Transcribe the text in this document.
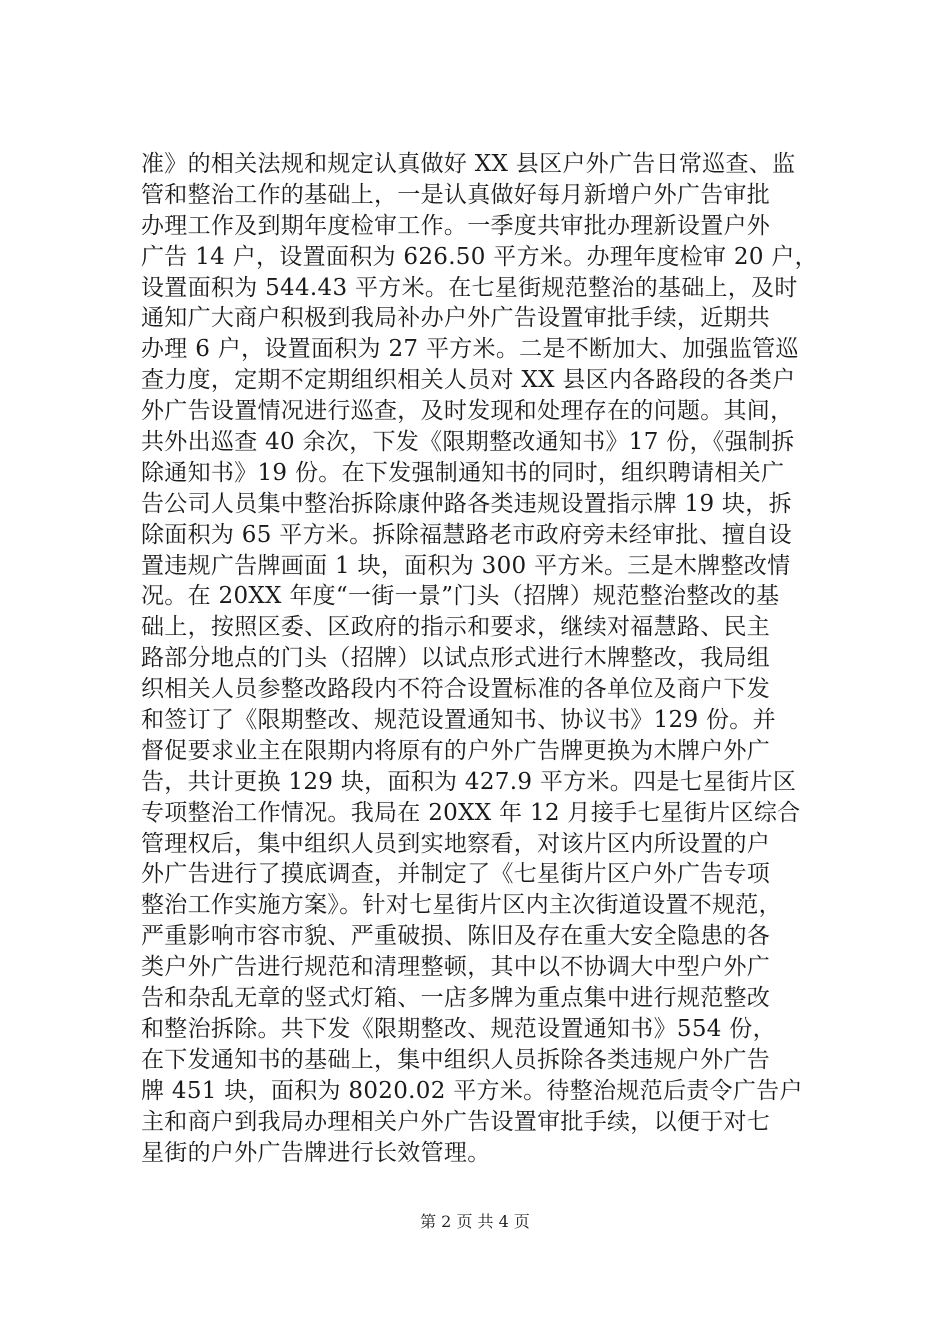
准》的相关法规和规定认真做好 XX 县区户外广告日常巡查、监
管和整治工作的基础上，一是认真做好每月新增户外广告审批
办理工作及到期年度检审工作。一季度共审批办理新设置户外
广告 14 户，设置面积为 626.50 平方米。办理年度检审 20 户，
设置面积为 544.43 平方米。在七星街规范整治的基础上，及时
通知广大商户积极到我局补办户外广告设置审批手续，近期共
办理 6 户，设置面积为 27 平方米。二是不断加大、加强监管巡
查力度，定期不定期组织相关人员对 XX 县区内各路段的各类户
外广告设置情况进行巡查，及时发现和处理存在的问题。其间，
共外出巡查 40 余次，下发《限期整改通知书》17 份，《强制拆
除通知书》19 份。在下发强制通知书的同时，组织聘请相关广
告公司人员集中整治拆除康仲路各类违规设置指示牌 19 块，拆
除面积为 65 平方米。拆除福慧路老市政府旁未经审批、擅自设
置违规广告牌画面 1 块，面积为 300 平方米。三是木牌整改情
况。在 20XX 年度“一街一景”门头（招牌）规范整治整改的基
础上，按照区委、区政府的指示和要求，继续对福慧路、民主
路部分地点的门头（招牌）以试点形式进行木牌整改，我局组
织相关人员参整改路段内不符合设置标准的各单位及商户下发
和签订了《限期整改、规范设置通知书、协议书》129 份。并
督促要求业主在限期内将原有的户外广告牌更换为木牌户外广
告，共计更换 129 块，面积为 427.9 平方米。四是七星街片区
专项整治工作情况。我局在 20XX 年 12 月接手七星街片区综合
管理权后，集中组织人员到实地察看，对该片区内所设置的户
外广告进行了摸底调查，并制定了《七星街片区户外广告专项
整治工作实施方案》。针对七星街片区内主次街道设置不规范，
严重影响市容市貌、严重破损、陈旧及存在重大安全隐患的各
类户外广告进行规范和清理整顿，其中以不协调大中型户外广
告和杂乱无章的竖式灯箱、一店多牌为重点集中进行规范整改
和整治拆除。共下发《限期整改、规范设置通知书》554 份，
在下发通知书的基础上，集中组织人员拆除各类违规户外广告
牌 451 块，面积为 8020.02 平方米。待整治规范后责令广告户
主和商户到我局办理相关户外广告设置审批手续，以便于对七
星街的户外广告牌进行长效管理。
第 2 页 共 4 页
